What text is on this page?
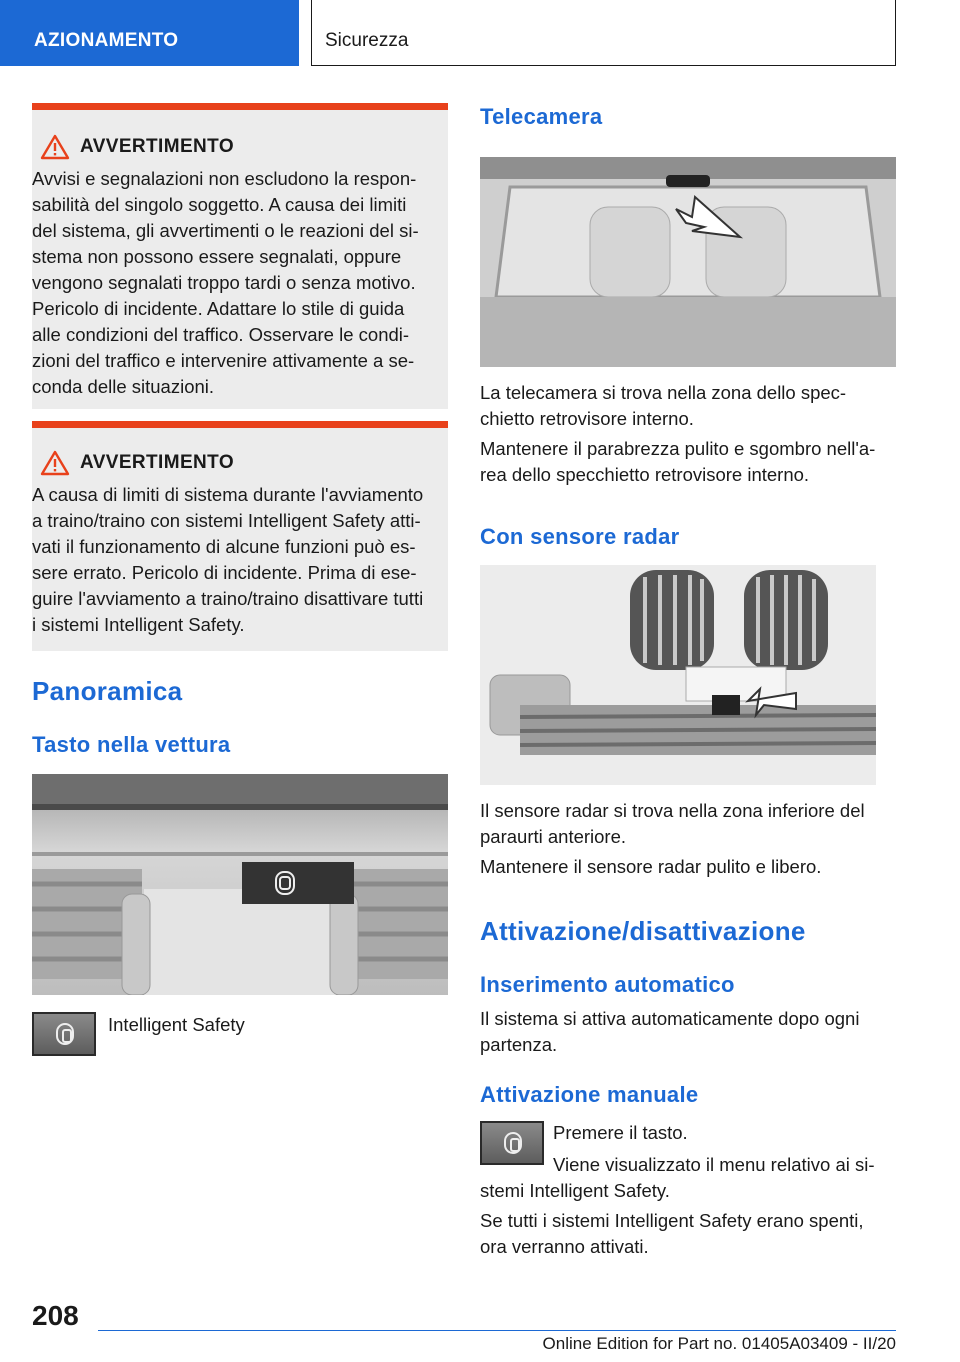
AZIONAMENTO	Sicurezza
AVVERTIMENTO

Avvisi e segnalazioni non escludono la respon-

sabilità del singolo soggetto. A causa dei limiti

del sistema, gli avvertimenti o le reazioni del si-

stema non possono essere segnalati, oppure

vengono segnalati troppo tardi o senza motivo.

Pericolo di incidente. Adattare lo stile di guida

alle condizioni del traffico. Osservare le condi-

zioni del traffico e intervenire attivamente a se-

conda delle situazioni.

AVVERTIMENTO

A causa di limiti di sistema durante l'avviamento

a traino/traino con sistemi Intelligent Safety atti-

vati il funzionamento di alcune funzioni può es-

sere errato. Pericolo di incidente. Prima di ese-

guire l'avviamento a traino/traino disattivare tutti

i sistemi Intelligent Safety.

Panoramica
Tasto nella vettura
Intelligent Safety
Telecamera
La telecamera si trova nella zona dello spec-
chietto retrovisore interno.
Mantenere il parabrezza pulito e sgombro nell'a-
rea dello specchietto retrovisore interno.
Con sensore radar
Il sensore radar si trova nella zona inferiore del
paraurti anteriore.
Mantenere il sensore radar pulito e libero.
Attivazione/disattivazione
Inserimento automatico
Il sistema si attiva automaticamente dopo ogni
partenza.
Attivazione manuale
Premere il tasto.
Viene visualizzato il menu relativo ai si-
stemi Intelligent Safety.
Se tutti i sistemi Intelligent Safety erano spenti,
ora verranno attivati.
208
Online Edition for Part no. 01405A03409 - II/20
